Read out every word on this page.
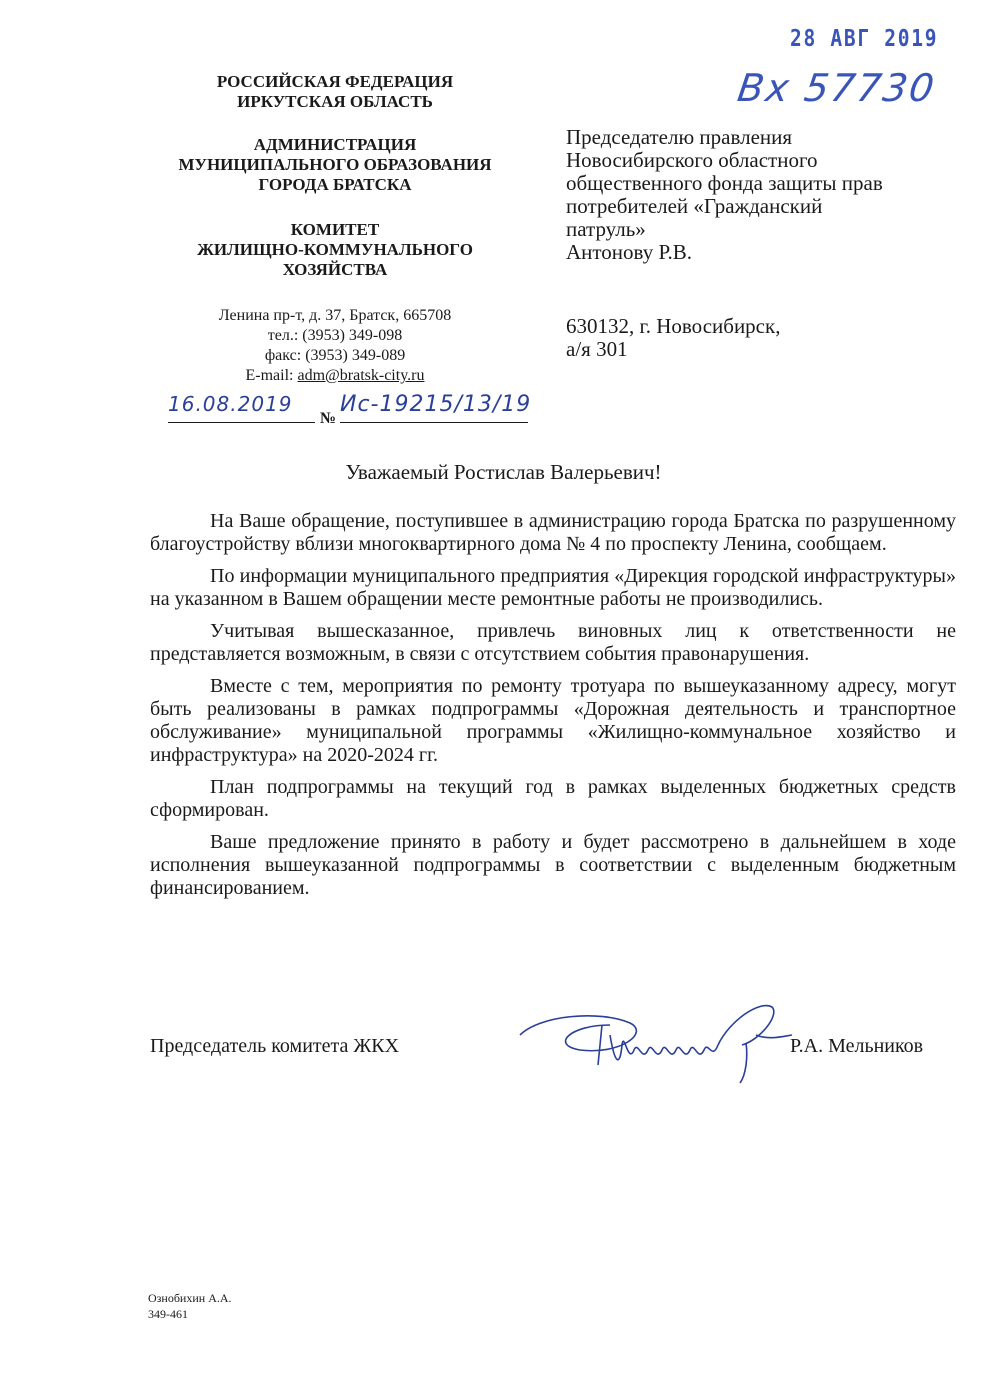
28 АВГ 2019
Вх 57730
РОССИЙСКАЯ ФЕДЕРАЦИЯ
ИРКУТСКАЯ ОБЛАСТЬ
АДМИНИСТРАЦИЯ
МУНИЦИПАЛЬНОГО ОБРАЗОВАНИЯ
ГОРОДА БРАТСКА
КОМИТЕТ
ЖИЛИЩНО-КОММУНАЛЬНОГО
ХОЗЯЙСТВА
Ленина пр-т, д. 37, Братск, 665708
тел.: (3953) 349-098
факс: (3953) 349-089
E-mail: adm@bratsk-city.ru
16.08.2019
№
Ис-19215/13/19
Председателю правления
Новосибирского областного
общественного фонда защиты прав
потребителей «Гражданский
патруль»
Антонову Р.В.
630132, г. Новосибирск,
а/я 301
Уважаемый Ростислав Валерьевич!

На Ваше обращение, поступившее в администрацию города Братска по разрушенному благоустройству вблизи многоквартирного дома № 4 по проспекту Ленина, сообщаем.

По информации муниципального предприятия «Дирекция городской инфраструктуры» на указанном в Вашем обращении месте ремонтные работы не производились.

Учитывая вышесказанное, привлечь виновных лиц к ответственности не представляется возможным, в связи с отсутствием события правонарушения.

Вместе с тем, мероприятия по ремонту тротуара по вышеуказанному адресу, могут быть реализованы в рамках подпрограммы «Дорожная деятельность и транспортное обслуживание» муниципальной программы «Жилищно-коммунальное хозяйство и инфраструктура» на 2020-2024 гг.

План подпрограммы на текущий год в рамках выделенных бюджетных средств сформирован.

Ваше предложение принято в работу и будет рассмотрено в дальнейшем в ходе исполнения вышеуказанной подпрограммы в соответствии с выделенным бюджетным финансированием.

Председатель комитета ЖКХ	Р.А. Мельников
Ознобихин А.А.
349-461
